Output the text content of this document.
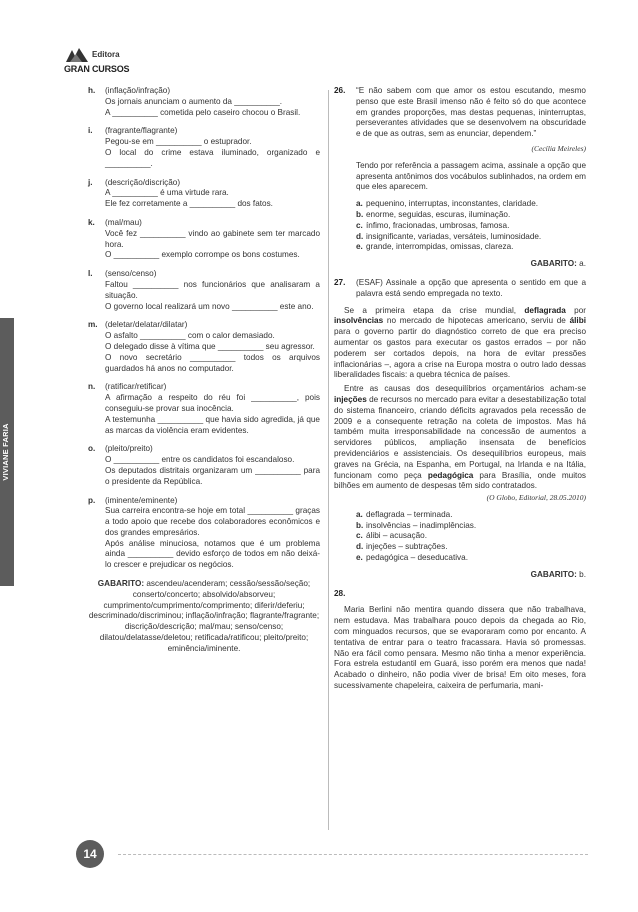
VIVIANE FARIA
Editora
GRAN CURSOS
h.	(inflação/infração)
Os jornais anunciam o aumento da __________.
A __________ cometida pelo caseiro chocou o Brasil.
i.	(fragrante/flagrante)
Pegou-se em __________ o estuprador.
O local do crime estava iluminado, organizado e __________.
j.	(descrição/discrição)
A __________ é uma virtude rara.
Ele fez corretamente a __________ dos fatos.
k.	(mal/mau)
Você fez __________ vindo ao gabinete sem ter marcado hora.
O __________ exemplo corrompe os bons costumes.
l.	(senso/censo)
Faltou __________ nos funcionários que analisaram a situação.
O governo local realizará um novo __________ este ano.
m. (deletar/delatar/dilatar)
O asfalto __________ com o calor demasiado.
O delegado disse à vítima que __________ seu agressor.
O novo secretário __________ todos os arquivos guardados há anos no computador.
n.	(ratificar/retificar)
A afirmação a respeito do réu foi __________, pois conseguiu-se provar sua inocência.
A testemunha __________ que havia sido agredida, já que as marcas da violência eram evidentes.
o.	(pleito/preito)
O __________ entre os candidatos foi escandaloso.
Os deputados distritais organizaram um __________ para o presidente da República.
p.	(iminente/eminente)
Sua carreira encontra-se hoje em total __________ graças a todo apoio que recebe dos colaboradores econômicos e dos grandes empresários.
Após análise minuciosa, notamos que é um problema ainda __________ devido esforço de todos em não deixá-lo crescer e prejudicar os negócios.
GABARITO: ascendeu/acenderam; cessão/sessão/seção; conserto/concerto; absolvido/absorveu; cumprimento/cumprimento/comprimento; diferir/deferiu; descriminado/discriminou; inflação/infração; flagrante/fragrante; discrição/descrição; mal/mau; senso/censo; dilatou/delatasse/deletou; retificada/ratificou; pleito/preito; eminência/iminente.
26.	“E não sabem com que amor os estou escutando, mesmo penso que este Brasil imenso não é feito só do que acontece em grandes proporções, mas destas pequenas, ininterruptas, perseverantes atividades que se desenvolvem na obscuridade e de que as outras, sem as enunciar, dependem.”
(Cecília Meireles)
Tendo por referência a passagem acima, assinale a opção que apresenta antônimos dos vocábulos sublinhados, na ordem em que eles aparecem.
a. pequenino, interruptas, inconstantes, claridade.
b. enorme, seguidas, escuras, iluminação.
c. ínfimo, fracionadas, umbrosas, famosa.
d. insignificante, variadas, versáteis, luminosidade.
e. grande, interrompidas, omissas, clareza.
GABARITO: a.
27.	(ESAF) Assinale a opção que apresenta o sentido em que a palavra está sendo empregada no texto.

Se a primeira etapa da crise mundial, deflagrada por insolvências no mercado de hipotecas americano, serviu de álibi para o governo partir do diagnóstico correto de que era preciso aumentar os gastos para executar os gastos errados – por não poderem ser cortados depois, na hora de evitar pressões inflacionárias –, agora a crise na Europa mostra o outro lado dessas liberalidades fiscais: a quebra técnica de países.

Entre as causas dos desequilíbrios orçamentários acham-se injeções de recursos no mercado para evitar a desestabilização total do sistema financeiro, criando déficits agravados pela recessão de 2009 e a consequente retração na coleta de impostos. Mas há também muita irresponsabilidade na concessão de aumentos a servidores públicos, ampliação insensata de benefícios previdenciários e assistenciais. Os desequilíbrios europeus, mais graves na Grécia, na Espanha, em Portugal, na Irlanda e na Itália, funcionam como peça pedagógica para Brasília, onde muitos bilhões em aumento de despesas têm sido contratados.

(O Globo, Editorial, 28.05.2010)
a. deflagrada – terminada.
b. insolvências – inadimplências.
c. álibi – acusação.
d. injeções – subtrações.
e. pedagógica – deseducativa.
GABARITO: b.
28.

Maria Berlini não mentira quando dissera que não trabalhava, nem estudava. Mas trabalhara pouco depois da chegada ao Rio, com minguados recursos, que se evaporaram como por encanto. A tentativa de entrar para o teatro fracassara. Havia só promessas. Não era fácil como pensara. Mesmo não tinha a menor experiência. Fora estrela estudantil em Guará, isso porém era menos que nada! Acabado o dinheiro, não podia viver de brisa! Em oito meses, fora sucessivamente chapeleira, caixeira de perfumaria, mani-

14
